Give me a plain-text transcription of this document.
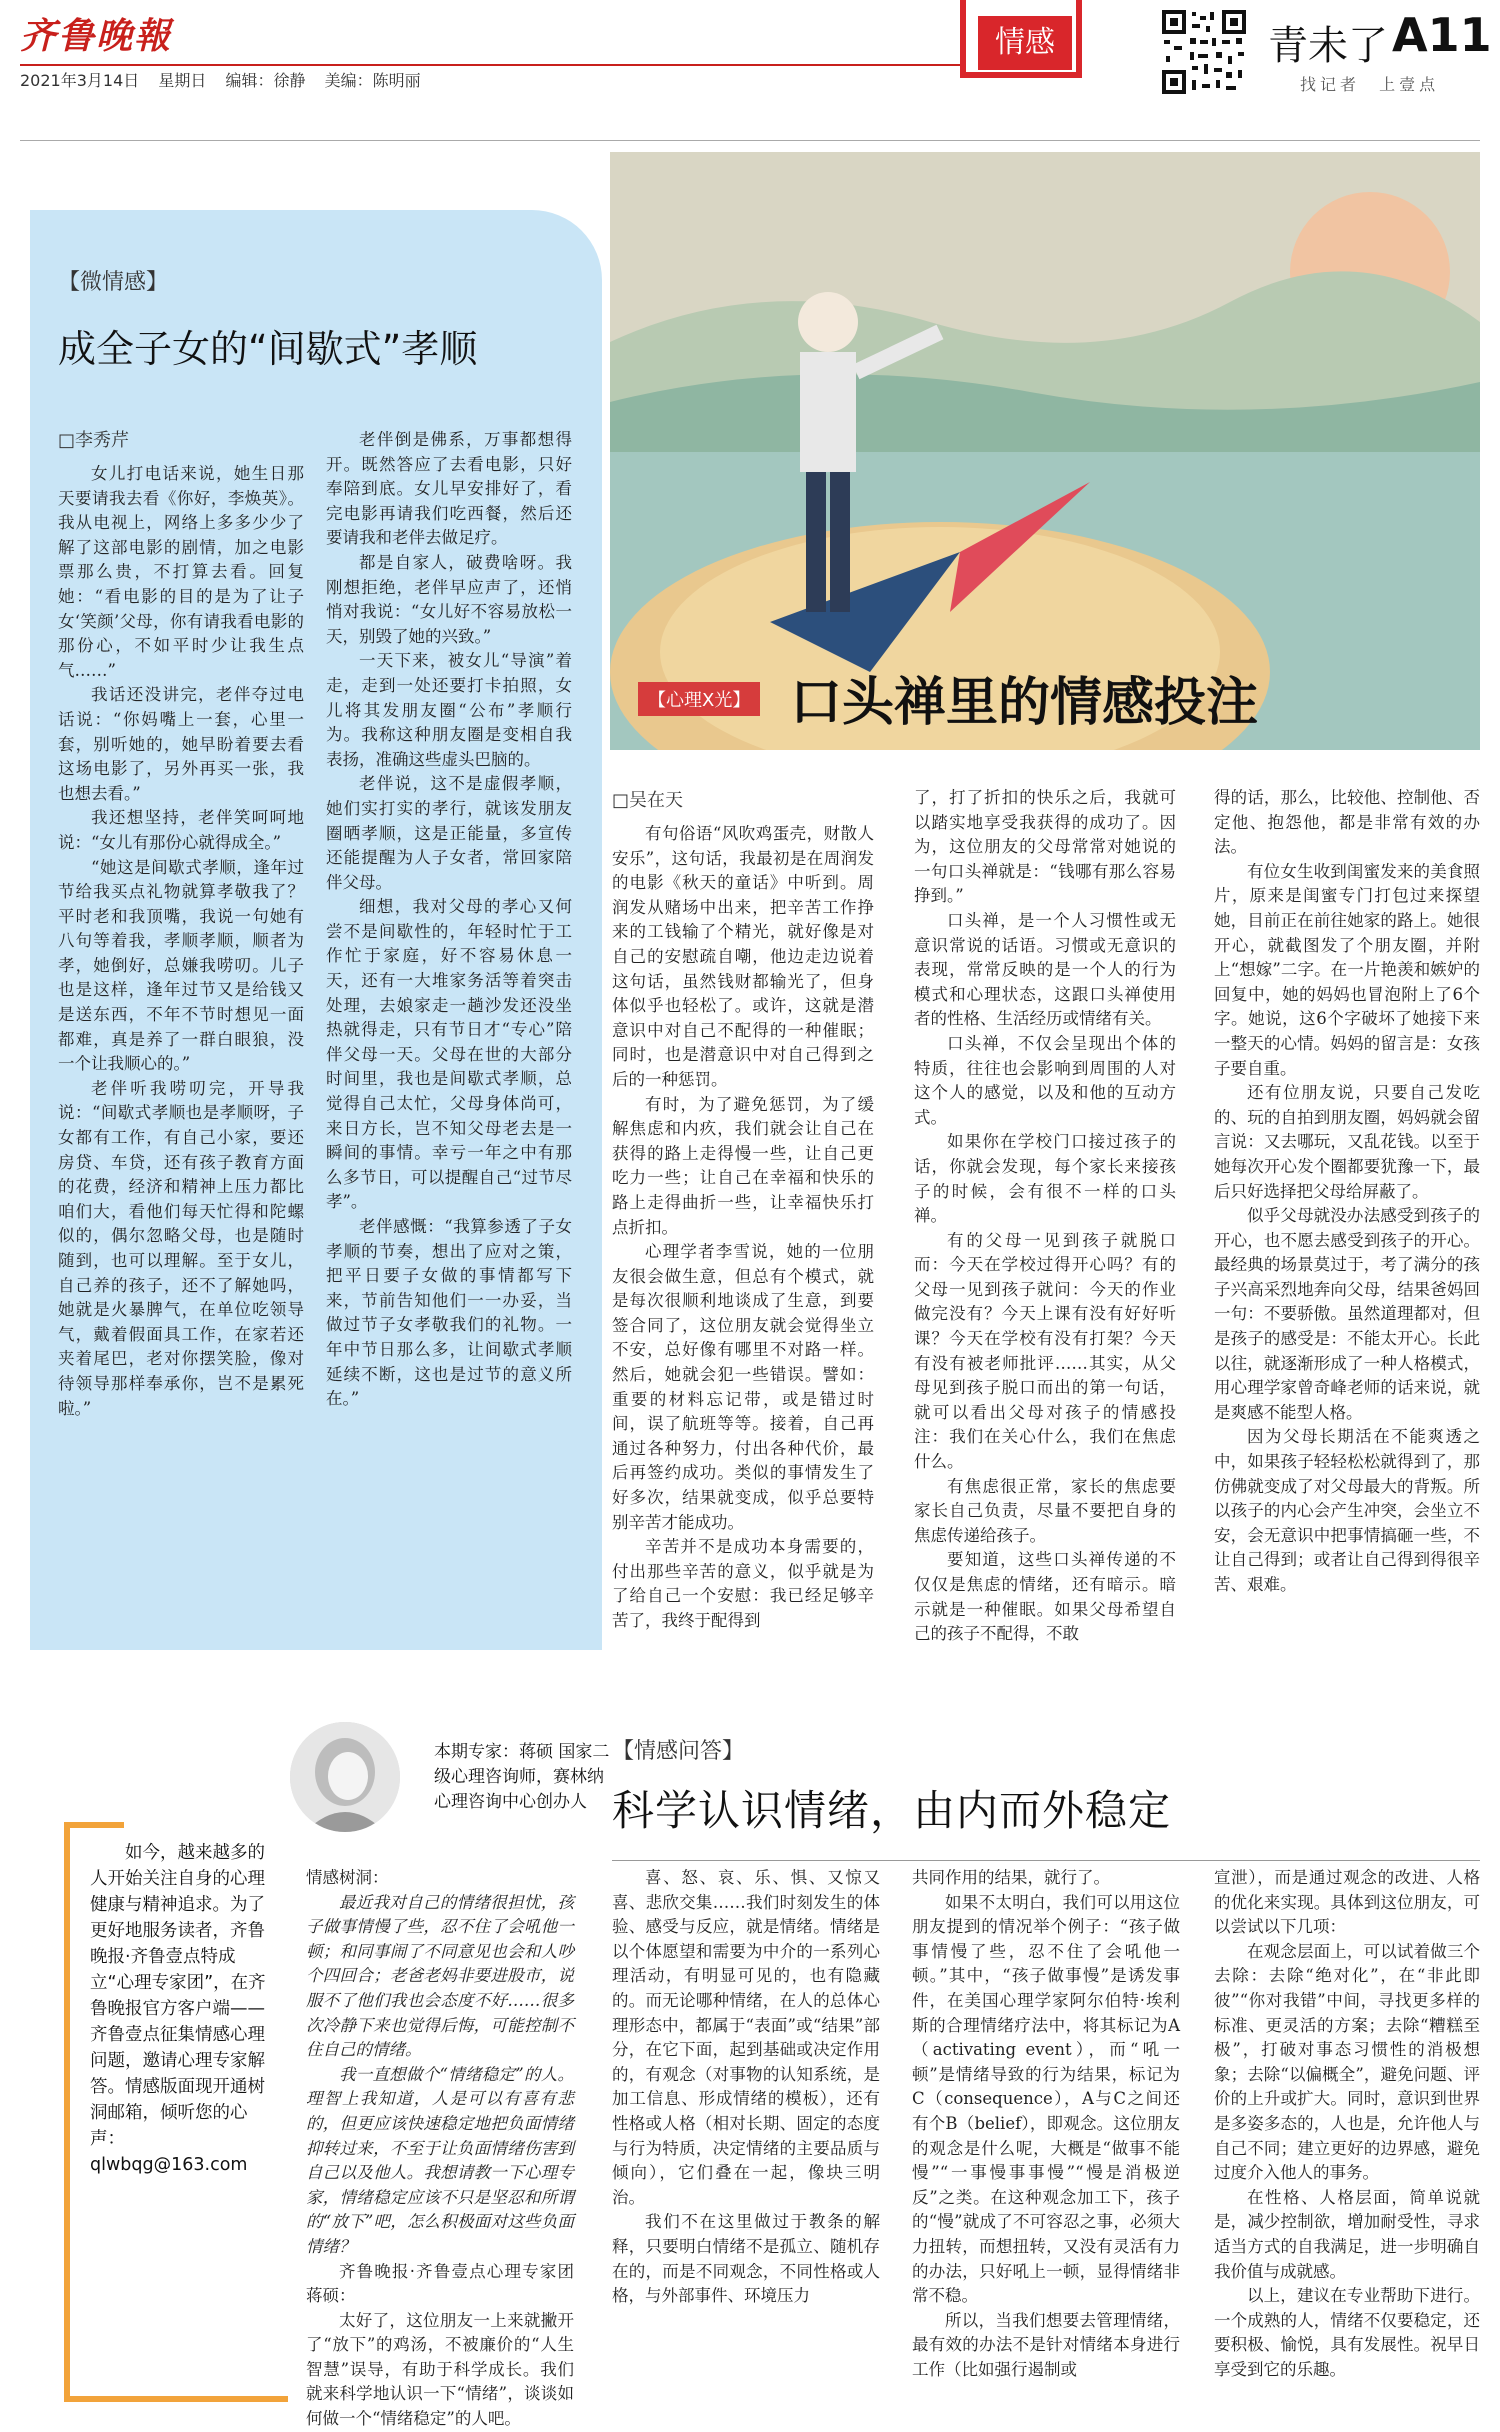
齐鲁晚報
2021年3月14日 星期日 编辑：徐静 美编：陈明丽
情感	青未了 A11
找记者 上壹点
【微情感】
成全子女的“间歇式”孝顺
□李秀芹

女儿打电话来说，她生日那天要请我去看《你好，李焕英》。我从电视上，网络上多多少少了解了这部电影的剧情，加之电影票那么贵，不打算去看。回复她：“看电影的目的是为了让子女‘笑颜’父母，你有请我看电影的那份心，不如平时少让我生点气……”

我话还没讲完，老伴夺过电话说：“你妈嘴上一套，心里一套，别听她的，她早盼着要去看这场电影了，另外再买一张，我也想去看。”

我还想坚持，老伴笑呵呵地说：“女儿有那份心就得成全。”

“她这是间歇式孝顺，逢年过节给我买点礼物就算孝敬我了？平时老和我顶嘴，我说一句她有八句等着我，孝顺孝顺，顺者为孝，她倒好，总嫌我唠叨。儿子也是这样，逢年过节又是给钱又是送东西，不年不节时想见一面都难，真是养了一群白眼狼，没一个让我顺心的。”

老伴听我唠叨完，开导我说：“间歇式孝顺也是孝顺呀，子女都有工作，有自己小家，要还房贷、车贷，还有孩子教育方面的花费，经济和精神上压力都比咱们大，看他们每天忙得和陀螺似的，偶尔忽略父母，也是随时随到，也可以理解。至于女儿，自己养的孩子，还不了解她吗，她就是火暴脾气，在单位吃领导气，戴着假面具工作，在家若还夹着尾巴，老对你摆笑脸，像对待领导那样奉承你，岂不是累死啦。”

老伴倒是佛系，万事都想得开。既然答应了去看电影，只好奉陪到底。女儿早安排好了，看完电影再请我们吃西餐，然后还要请我和老伴去做足疗。

都是自家人，破费啥呀。我刚想拒绝，老伴早应声了，还悄悄对我说：“女儿好不容易放松一天，别毁了她的兴致。”

一天下来，被女儿“导演”着走，走到一处还要打卡拍照，女儿将其发朋友圈“公布”孝顺行为。我称这种朋友圈是变相自我表扬，准确这些虚头巴脑的。

老伴说，这不是虚假孝顺，她们实打实的孝行，就该发朋友圈晒孝顺，这是正能量，多宣传还能提醒为人子女者，常回家陪伴父母。

细想，我对父母的孝心又何尝不是间歇性的，年轻时忙于工作忙于家庭，好不容易休息一天，还有一大堆家务活等着突击处理，去娘家走一趟沙发还没坐热就得走，只有节日才“专心”陪伴父母一天。父母在世的大部分时间里，我也是间歇式孝顺，总觉得自己太忙，父母身体尚可，来日方长，岂不知父母老去是一瞬间的事情。幸亏一年之中有那么多节日，可以提醒自己“过节尽孝”。

老伴感慨：“我算参透了子女孝顺的节奏，想出了应对之策，把平日要子女做的事情都写下来，节前告知他们一一办妥，当做过节子女孝敬我们的礼物。一年中节日那么多，让间歇式孝顺延续不断，这也是过节的意义所在。”

【心理X光】 口头禅里的情感投注
□吴在天

有句俗语“风吹鸡蛋壳，财散人安乐”，这句话，我最初是在周润发的电影《秋天的童话》中听到。周润发从赌场中出来，把辛苦工作挣来的工钱输了个精光，就好像是对自己的安慰疏自嘲，他边走边说着这句话，虽然钱财都输光了，但身体似乎也轻松了。或许，这就是潜意识中对自己不配得的一种催眠；同时，也是潜意识中对自己得到之后的一种惩罚。

有时，为了避免惩罚，为了缓解焦虑和内疚，我们就会让自己在获得的路上走得慢一些，让自己更吃力一些；让自己在幸福和快乐的路上走得曲折一些，让幸福快乐打点折扣。

心理学者李雪说，她的一位朋友很会做生意，但总有个模式，就是每次很顺利地谈成了生意，到要签合同了，这位朋友就会觉得坐立不安，总好像有哪里不对路一样。然后，她就会犯一些错误。譬如：重要的材料忘记带，或是错过时间，误了航班等等。接着，自己再通过各种努力，付出各种代价，最后再签约成功。类似的事情发生了好多次，结果就变成，似乎总要特别辛苦才能成功。

辛苦并不是成功本身需要的，付出那些辛苦的意义，似乎就是为了给自己一个安慰：我已经足够辛苦了，我终于配得到

了，打了折扣的快乐之后，我就可以踏实地享受我获得的成功了。因为，这位朋友的父母常常对她说的一句口头禅就是：“钱哪有那么容易挣到。”

口头禅，是一个人习惯性或无意识常说的话语。习惯或无意识的表现，常常反映的是一个人的行为模式和心理状态，这跟口头禅使用者的性格、生活经历或情绪有关。

口头禅，不仅会呈现出个体的特质，往往也会影响到周围的人对这个人的感觉，以及和他的互动方式。

如果你在学校门口接过孩子的话，你就会发现，每个家长来接孩子的时候，会有很不一样的口头禅。

有的父母一见到孩子就脱口而：今天在学校过得开心吗？有的父母一见到孩子就问：今天的作业做完没有？今天上课有没有好好听课？今天在学校有没有打架？今天有没有被老师批评……其实，从父母见到孩子脱口而出的第一句话，就可以看出父母对孩子的情感投注：我们在关心什么，我们在焦虑什么。

有焦虑很正常，家长的焦虑要家长自己负责，尽量不要把自身的焦虑传递给孩子。

要知道，这些口头禅传递的不仅仅是焦虑的情绪，还有暗示。暗示就是一种催眠。如果父母希望自己的孩子不配得，不敢

得的话，那么，比较他、控制他、否定他、抱怨他，都是非常有效的办法。

有位女生收到闺蜜发来的美食照片，原来是闺蜜专门打包过来探望她，目前正在前往她家的路上。她很开心，就截图发了个朋友圈，并附上“想嫁”二字。在一片艳羡和嫉妒的回复中，她的妈妈也冒泡附上了6个字。她说，这6个字破坏了她接下来一整天的心情。妈妈的留言是：女孩子要自重。

还有位朋友说，只要自己发吃的、玩的自拍到朋友圈，妈妈就会留言说：又去哪玩，又乱花钱。以至于她每次开心发个圈都要犹豫一下，最后只好选择把父母给屏蔽了。

似乎父母就没办法感受到孩子的开心，也不愿去感受到孩子的开心。最经典的场景莫过于，考了满分的孩子兴高采烈地奔向父母，结果爸妈回一句：不要骄傲。虽然道理都对，但是孩子的感受是：不能太开心。长此以往，就逐渐形成了一种人格模式，用心理学家曾奇峰老师的话来说，就是爽感不能型人格。

因为父母长期活在不能爽透之中，如果孩子轻轻松松就得到了，那仿佛就变成了对父母最大的背叛。所以孩子的内心会产生冲突，会坐立不安，会无意识中把事情搞砸一些，不让自己得到；或者让自己得到得很辛苦、艰难。

本期专家：蒋硕 国家二级心理咨询师，赛林纳心理咨询中心创办人
【情感问答】
科学认识情绪，由内而外稳定
如今，越来越多的人开始关注自身的心理健康与精神追求。为了更好地服务读者，齐鲁晚报·齐鲁壹点特成立“心理专家团”，在齐鲁晚报官方客户端——齐鲁壹点征集情感心理问题，邀请心理专家解答。情感版面现开通树洞邮箱，倾听您的心声：
qlwbqg@163.com

情感树洞：

最近我对自己的情绪很担忧，孩子做事情慢了些，忍不住了会吼他一顿；和同事闹了不同意见也会和人吵个四回合；老爸老妈非要进股市，说服不了他们我也会态度不好……很多次冷静下来也觉得后悔，可能控制不住自己的情绪。

我一直想做个“情绪稳定”的人。理智上我知道，人是可以有喜有悲的，但更应该快速稳定地把负面情绪抑转过来，不至于让负面情绪伤害到自己以及他人。我想请教一下心理专家，情绪稳定应该不只是坚忍和所谓的“放下”吧，怎么积极面对这些负面情绪？

齐鲁晚报·齐鲁壹点心理专家团蒋硕：

太好了，这位朋友一上来就撇开了“放下”的鸡汤，不被廉价的“人生智慧”误导，有助于科学成长。我们就来科学地认识一下“情绪”，谈谈如何做一个“情绪稳定”的人吧。

喜、怒、哀、乐、惧、又惊又喜、悲欣交集……我们时刻发生的体验、感受与反应，就是情绪。情绪是以个体愿望和需要为中介的一系列心理活动，有明显可见的，也有隐藏的。而无论哪种情绪，在人的总体心理形态中，都属于“表面”或“结果”部分，在它下面，起到基础或决定作用的，有观念（对事物的认知系统，是加工信息、形成情绪的模板），还有性格或人格（相对长期、固定的态度与行为特质，决定情绪的主要品质与倾向），它们叠在一起，像块三明治。

我们不在这里做过于教条的解释，只要明白情绪不是孤立、随机存在的，而是不同观念，不同性格或人格，与外部事件、环境压力

共同作用的结果，就行了。

如果不太明白，我们可以用这位朋友提到的情况举个例子：“孩子做事情慢了些，忍不住了会吼他一顿。”其中，“孩子做事慢”是诱发事件，在美国心理学家阿尔伯特·埃利斯的合理情绪疗法中，将其标记为A（activating event），而“吼一顿”是情绪导致的行为结果，标记为C（consequence），A与C之间还有个B（belief），即观念。这位朋友的观念是什么呢，大概是“做事不能慢”“一事慢事事慢”“慢是消极逆反”之类。在这种观念加工下，孩子的“慢”就成了不可容忍之事，必须大力扭转，而想扭转，又没有灵活有力的办法，只好吼上一顿，显得情绪非常不稳。

所以，当我们想要去管理情绪，最有效的办法不是针对情绪本身进行工作（比如强行遏制或

宣泄），而是通过观念的改进、人格的优化来实现。具体到这位朋友，可以尝试以下几项：

在观念层面上，可以试着做三个去除：去除“绝对化”，在“非此即彼”“你对我错”中间，寻找更多样的标准、更灵活的方案；去除“糟糕至极”，打破对事态习惯性的消极想象；去除“以偏概全”，避免问题、评价的上升或扩大。同时，意识到世界是多姿多态的，人也是，允许他人与自己不同；建立更好的边界感，避免过度介入他人的事务。

在性格、人格层面，简单说就是，减少控制欲，增加耐受性，寻求适当方式的自我满足，进一步明确自我价值与成就感。

以上，建议在专业帮助下进行。一个成熟的人，情绪不仅要稳定，还要积极、愉悦，具有发展性。祝早日享受到它的乐趣。
